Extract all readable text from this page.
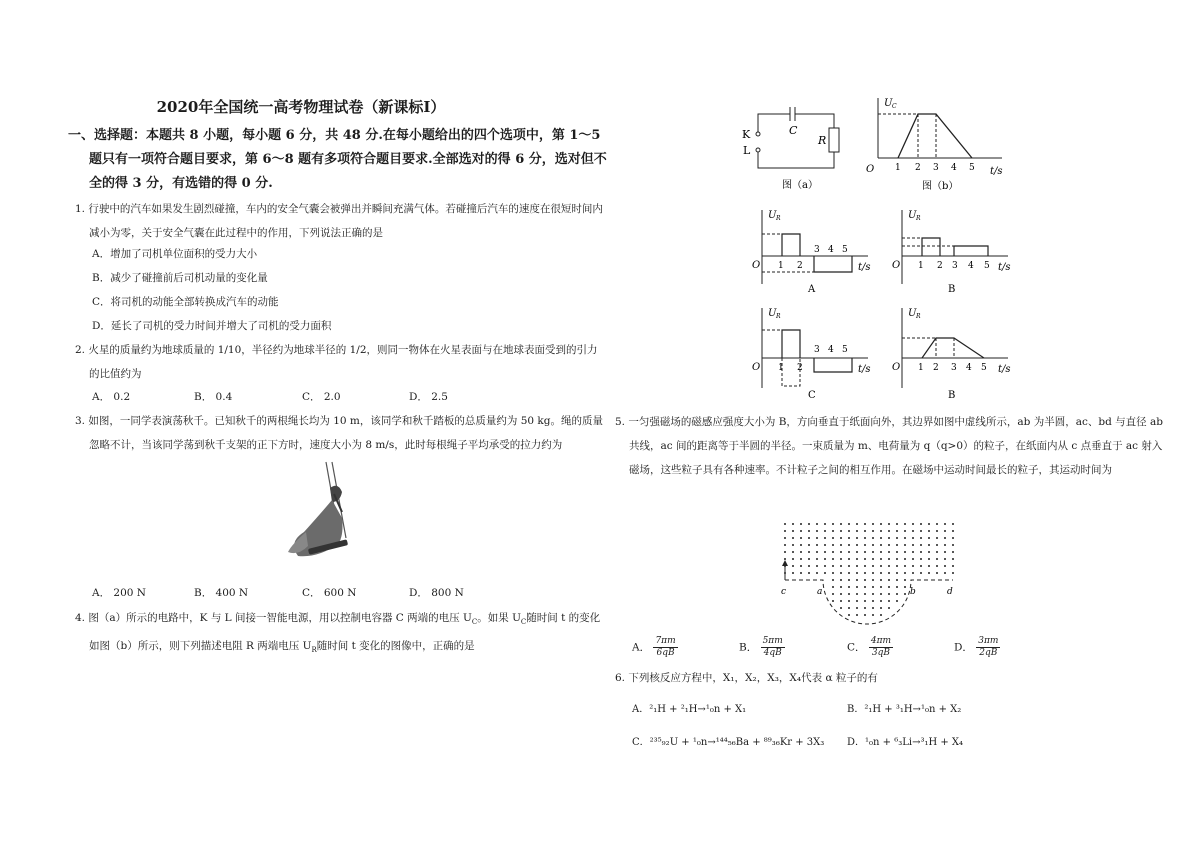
2020年全国统一高考物理试卷（新课标Ⅰ）
一、选择题：本题共 8 小题，每小题 6 分，共 48 分.在每小题给出的四个选项中，第 1～5 题只有一项符合题目要求，第 6～8 题有多项符合题目要求.全部选对的得 6 分，选对但不全的得 3 分，有选错的得 0 分.
1. 行驶中的汽车如果发生剧烈碰撞，车内的安全气囊会被弹出并瞬间充满气体。若碰撞后汽车的速度在很短时间内减小为零，关于安全气囊在此过程中的作用，下列说法正确的是
A．增加了司机单位面积的受力大小
B．减少了碰撞前后司机动量的变化量
C．将司机的动能全部转换成汽车的动能
D．延长了司机的受力时间并增大了司机的受力面积
2. 火星的质量约为地球质量的 1/10，半径约为地球半径的 1/2，则同一物体在火星表面与在地球表面受到的引力的比值约为
A． 0.2	B． 0.4	C． 2.0	D． 2.5
3. 如图，一同学表演荡秋千。已知秋千的两根绳长均为 10 m，该同学和秋千踏板的总质量约为 50 kg。绳的质量忽略不计，当该同学荡到秋千支架的正下方时，速度大小为 8 m/s，此时每根绳子平均承受的拉力约为
A． 200 N	B． 400 N	C． 600 N	D． 800 N
4. 图（a）所示的电路中，K 与 L 间接一智能电源，用以控制电容器 C 两端的电压 $U_C$。如果 $U_C$随时间 t 的变化如图（b）所示，则下列描述电阻 R 两端电压 $U_R$随时间 t 变化的图像中，正确的是
K
L
C
R
图（a）
U C
O 1 2 3 4 5 t/s
图（b）
U R
O 1 2
3 4 5
t/s
A
U R
O 1 2 3 4 5 t/s
B
U R
O 1 2
3 4 5
t/s
C
U R
O 1 2 3 4 5 t/s
B
5. 一匀强磁场的磁感应强度大小为 B，方向垂直于纸面向外，其边界如图中虚线所示，ab 为半圆，ac、bd 与直径 ab 共线，ac 间的距离等于半圆的半径。一束质量为 m、电荷量为 q（q>0）的粒子，在纸面内从 c 点垂直于 ac 射入磁场，这些粒子具有各种速率。不计粒子之间的相互作用。在磁场中运动时间最长的粒子，其运动时间为
c	a	b	d
A． $\frac{7\pi m}{6qB}$	B． $\frac{5\pi m}{4qB}$	C． $\frac{4\pi m}{3qB}$	D． $\frac{3\pi m}{2qB}$
6. 下列核反应方程中，X₁，X₂，X₃，X₄代表 α 粒子的有
A．²₁H + ²₁H→¹₀n + X₁	B．²₁H + ³₁H→¹₀n + X₂
C．²³⁵₉₂U + ¹₀n→¹⁴⁴₅₆Ba + ⁸⁹₃₆Kr + 3X₃ D．¹₀n + ⁶₃Li→³₁H + X₄
